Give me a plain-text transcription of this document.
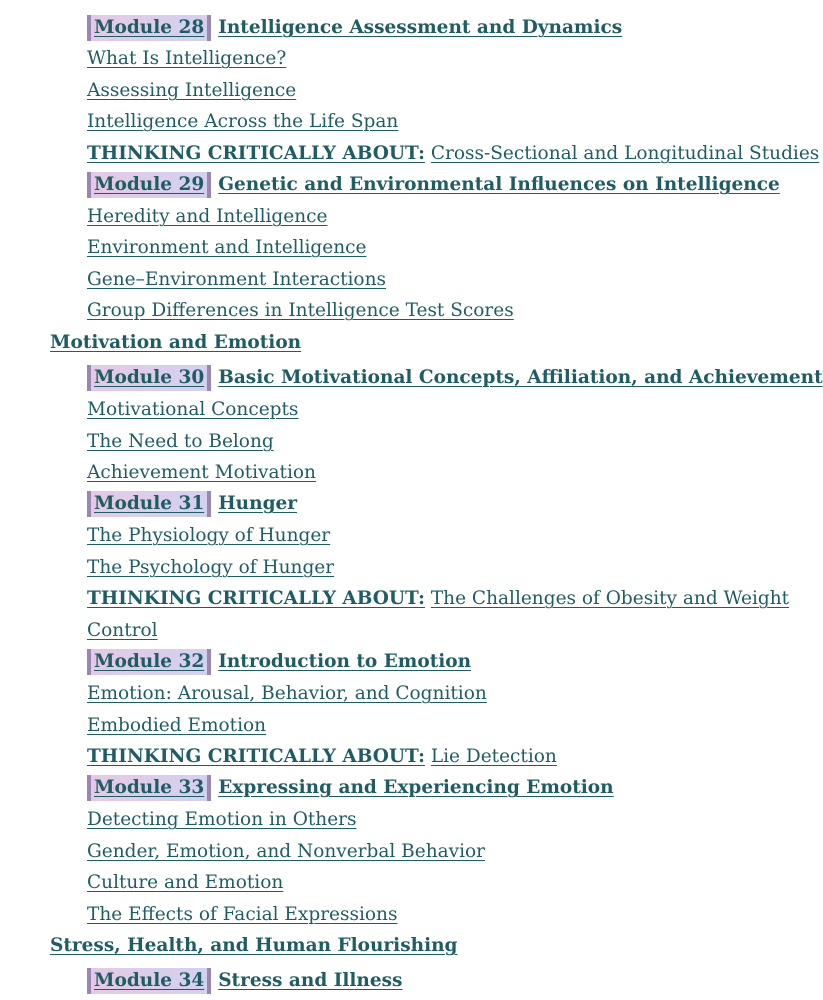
Module 28 Intelligence Assessment and Dynamics
What Is Intelligence?
Assessing Intelligence
Intelligence Across the Life Span
THINKING CRITICALLY ABOUT: Cross-Sectional and Longitudinal Studies
Module 29 Genetic and Environmental Influences on Intelligence
Heredity and Intelligence
Environment and Intelligence
Gene–Environment Interactions
Group Differences in Intelligence Test Scores
Motivation and Emotion
Module 30 Basic Motivational Concepts, Affiliation, and Achievement
Motivational Concepts
The Need to Belong
Achievement Motivation
Module 31 Hunger
The Physiology of Hunger
The Psychology of Hunger
THINKING CRITICALLY ABOUT: The Challenges of Obesity and Weight
Control
Module 32 Introduction to Emotion
Emotion: Arousal, Behavior, and Cognition
Embodied Emotion
THINKING CRITICALLY ABOUT: Lie Detection
Module 33 Expressing and Experiencing Emotion
Detecting Emotion in Others
Gender, Emotion, and Nonverbal Behavior
Culture and Emotion
The Effects of Facial Expressions
Stress, Health, and Human Flourishing
Module 34 Stress and Illness
